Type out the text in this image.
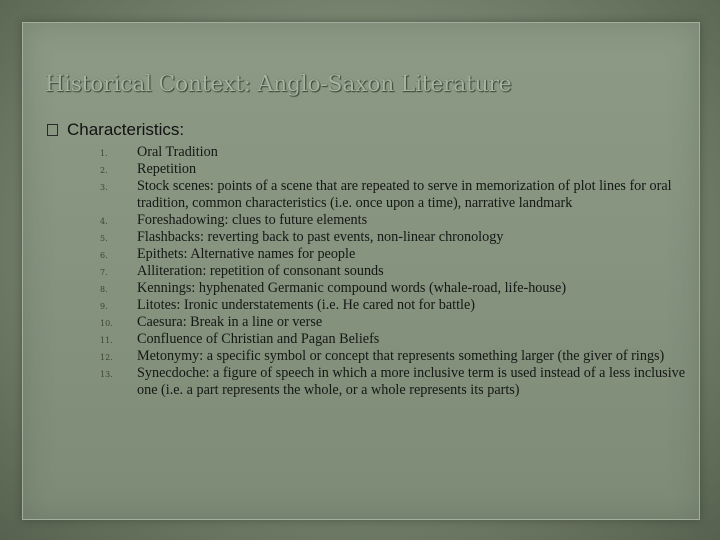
Historical Context: Anglo-Saxon Literature
Characteristics:
1.	Oral Tradition
2.	Repetition
3.	Stock scenes: points of a scene that are repeated to serve in memorization of plot lines for oral tradition, common characteristics (i.e. once upon a time), narrative landmark
4.	Foreshadowing: clues to future elements
5.	Flashbacks: reverting back to past events, non-linear chronology
6.	Epithets: Alternative names for people
7.	Alliteration: repetition of consonant sounds
8.	Kennings: hyphenated Germanic compound words (whale-road, life-house)
9.	Litotes: Ironic understatements (i.e. He cared not for battle)
10.	Caesura: Break in a line or verse
11.	Confluence of Christian and Pagan Beliefs
12.	Metonymy: a specific symbol or concept that represents something larger (the giver of rings)
13.	Synecdoche: a figure of speech in which a more inclusive term is used instead of a less inclusive one (i.e. a part represents the whole, or a whole represents its parts)
